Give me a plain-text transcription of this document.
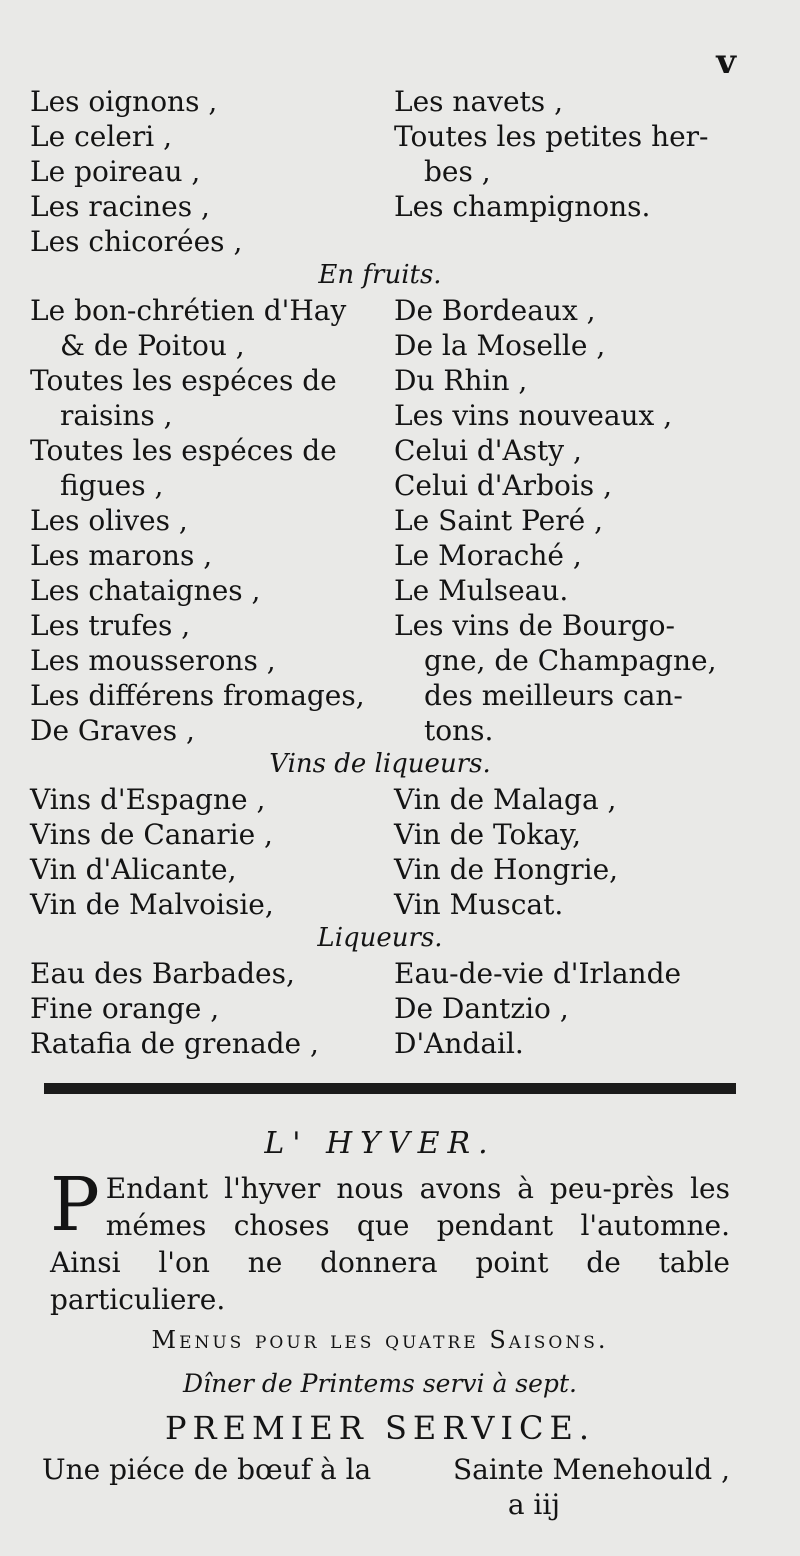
v
Les oignons ,
Le celeri ,
Le poireau ,
Les racines ,
Les chicorées ,
Les navets ,
Toutes les petites her-
bes ,
Les champignons.
En fruits.
Le bon-chrétien d'Hay
& de Poitou ,
Toutes les espéces de
raisins ,
Toutes les espéces de
figues ,
Les olives ,
Les marons ,
Les chataignes ,
Les trufes ,
Les mousserons ,
Les différens fromages,
De Graves ,
De Bordeaux ,
De la Moselle ,
Du Rhin ,
Les vins nouveaux ,
Celui d'Asty ,
Celui d'Arbois ,
Le Saint Peré ,
Le Moraché ,
Le Mulseau.
Les vins de Bourgo-
gne, de Champagne,
des meilleurs can-
tons.
Vins de liqueurs.
Vins d'Espagne ,
Vins de Canarie ,
Vin d'Alicante,
Vin de Malvoisie,
Vin de Malaga ,
Vin de Tokay,
Vin de Hongrie,
Vin Muscat.
Liqueurs.
Eau des Barbades,
Fine orange ,
Ratafia de grenade ,
Eau-de-vie d'Irlande
De Dantzio ,
D'Andail.
L' HYVER.
P Endant l'hyver nous avons à peu-près les mémes choses que pendant l'automne. Ainsi l'on ne donnera point de table particuliere.
Menus pour les quatre Saisons.
Dîner de Printems servi à sept.
PREMIER SERVICE.
Une piéce de bœuf à la	Sainte Menehould ,
a iij
